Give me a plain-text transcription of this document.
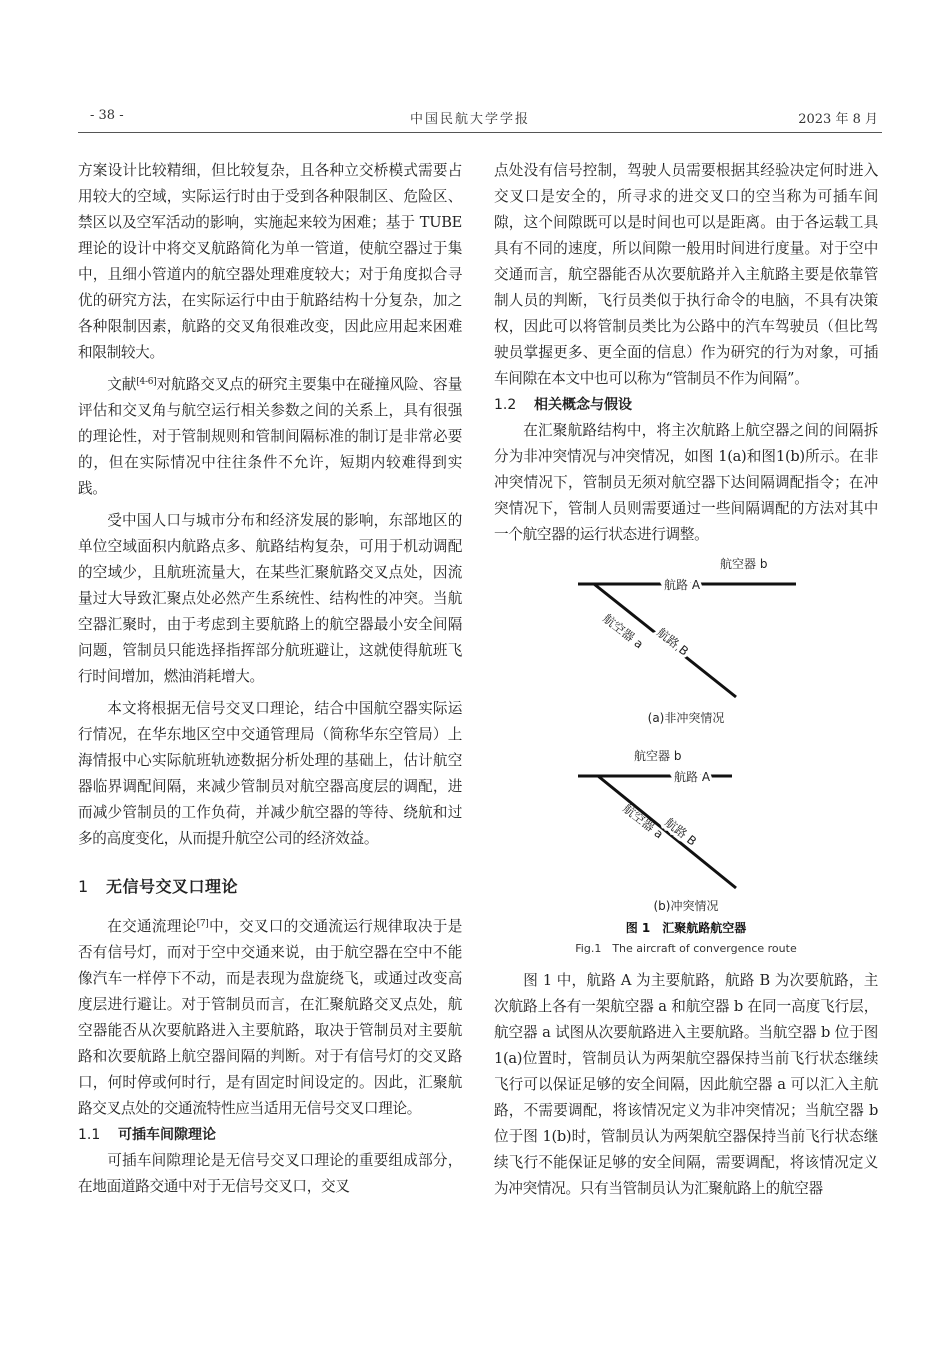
- 38 -	中国民航大学学报	2023 年 8 月

方案设计比较精细，但比较复杂，且各种立交桥模式需要占用较大的空域，实际运行时由于受到各种限制区、危险区、禁区以及空军活动的影响，实施起来较为困难；基于 TUBE 理论的设计中将交叉航路简化为单一管道，使航空器过于集中，且细小管道内的航空器处理难度较大；对于角度拟合寻优的研究方法，在实际运行中由于航路结构十分复杂，加之各种限制因素，航路的交叉角很难改变，因此应用起来困难和限制较大。

文献[4-6]对航路交叉点的研究主要集中在碰撞风险、容量评估和交叉角与航空运行相关参数之间的关系上，具有很强的理论性，对于管制规则和管制间隔标准的制订是非常必要的，但在实际情况中往往条件不允许，短期内较难得到实践。

受中国人口与城市分布和经济发展的影响，东部地区的单位空域面积内航路点多、航路结构复杂，可用于机动调配的空域少，且航班流量大，在某些汇聚航路交叉点处，因流量过大导致汇聚点处必然产生系统性、结构性的冲突。当航空器汇聚时，由于考虑到主要航路上的航空器最小安全间隔问题，管制员只能选择指挥部分航班避让，这就使得航班飞行时间增加，燃油消耗增大。

本文将根据无信号交叉口理论，结合中国航空器实际运行情况，在华东地区空中交通管理局（简称华东空管局）上海情报中心实际航班轨迹数据分析处理的基础上，估计航空器临界调配间隔，来减少管制员对航空器高度层的调配，进而减少管制员的工作负荷，并减少航空器的等待、绕航和过多的高度变化，从而提升航空公司的经济效益。

1 无信号交叉口理论

在交通流理论[7]中，交叉口的交通流运行规律取决于是否有信号灯，而对于空中交通来说，由于航空器在空中不能像汽车一样停下不动，而是表现为盘旋绕飞，或通过改变高度层进行避让。对于管制员而言，在汇聚航路交叉点处，航空器能否从次要航路进入主要航路，取决于管制员对主要航路和次要航路上航空器间隔的判断。对于有信号灯的交叉路口，何时停或何时行，是有固定时间设定的。因此，汇聚航路交叉点处的交通流特性应当适用无信号交叉口理论。

1.1 可插车间隙理论

可插车间隙理论是无信号交叉口理论的重要组成部分，在地面道路交通中对于无信号交叉口，交叉

点处没有信号控制，驾驶人员需要根据其经验决定何时进入交叉口是安全的，所寻求的进交叉口的空当称为可插车间隙，这个间隙既可以是时间也可以是距离。由于各运载工具具有不同的速度，所以间隙一般用时间进行度量。对于空中交通而言，航空器能否从次要航路并入主航路主要是依靠管制人员的判断，飞行员类似于执行命令的电脑，不具有决策权，因此可以将管制员类比为公路中的汽车驾驶员（但比驾驶员掌握更多、更全面的信息）作为研究的行为对象，可插车间隙在本文中也可以称为“管制员不作为间隔”。

1.2 相关概念与假设

在汇聚航路结构中，将主次航路上航空器之间的间隔拆分为非冲突情况与冲突情况，如图 1(a)和图1(b)所示。在非冲突情况下，管制员无须对航空器下达间隔调配指令；在冲突情况下，管制人员则需要通过一些间隔调配的方法对其中一个航空器的运行状态进行调整。

航空器 b
航路 A
航空器 a 航路 B
(a)非冲突情况
航空器 b
航路 A
航空器 a
航路 B
(b)冲突情况
图 1　汇聚航路航空器
Fig.1　The aircraft of convergence route

图 1 中，航路 A 为主要航路，航路 B 为次要航路，主次航路上各有一架航空器 a 和航空器 b 在同一高度飞行层，航空器 a 试图从次要航路进入主要航路。当航空器 b 位于图 1(a)位置时，管制员认为两架航空器保持当前飞行状态继续飞行可以保证足够的安全间隔，因此航空器 a 可以汇入主航路，不需要调配，将该情况定义为非冲突情况；当航空器 b 位于图 1(b)时，管制员认为两架航空器保持当前飞行状态继续飞行不能保证足够的安全间隔，需要调配，将该情况定义为冲突情况。只有当管制员认为汇聚航路上的航空器
